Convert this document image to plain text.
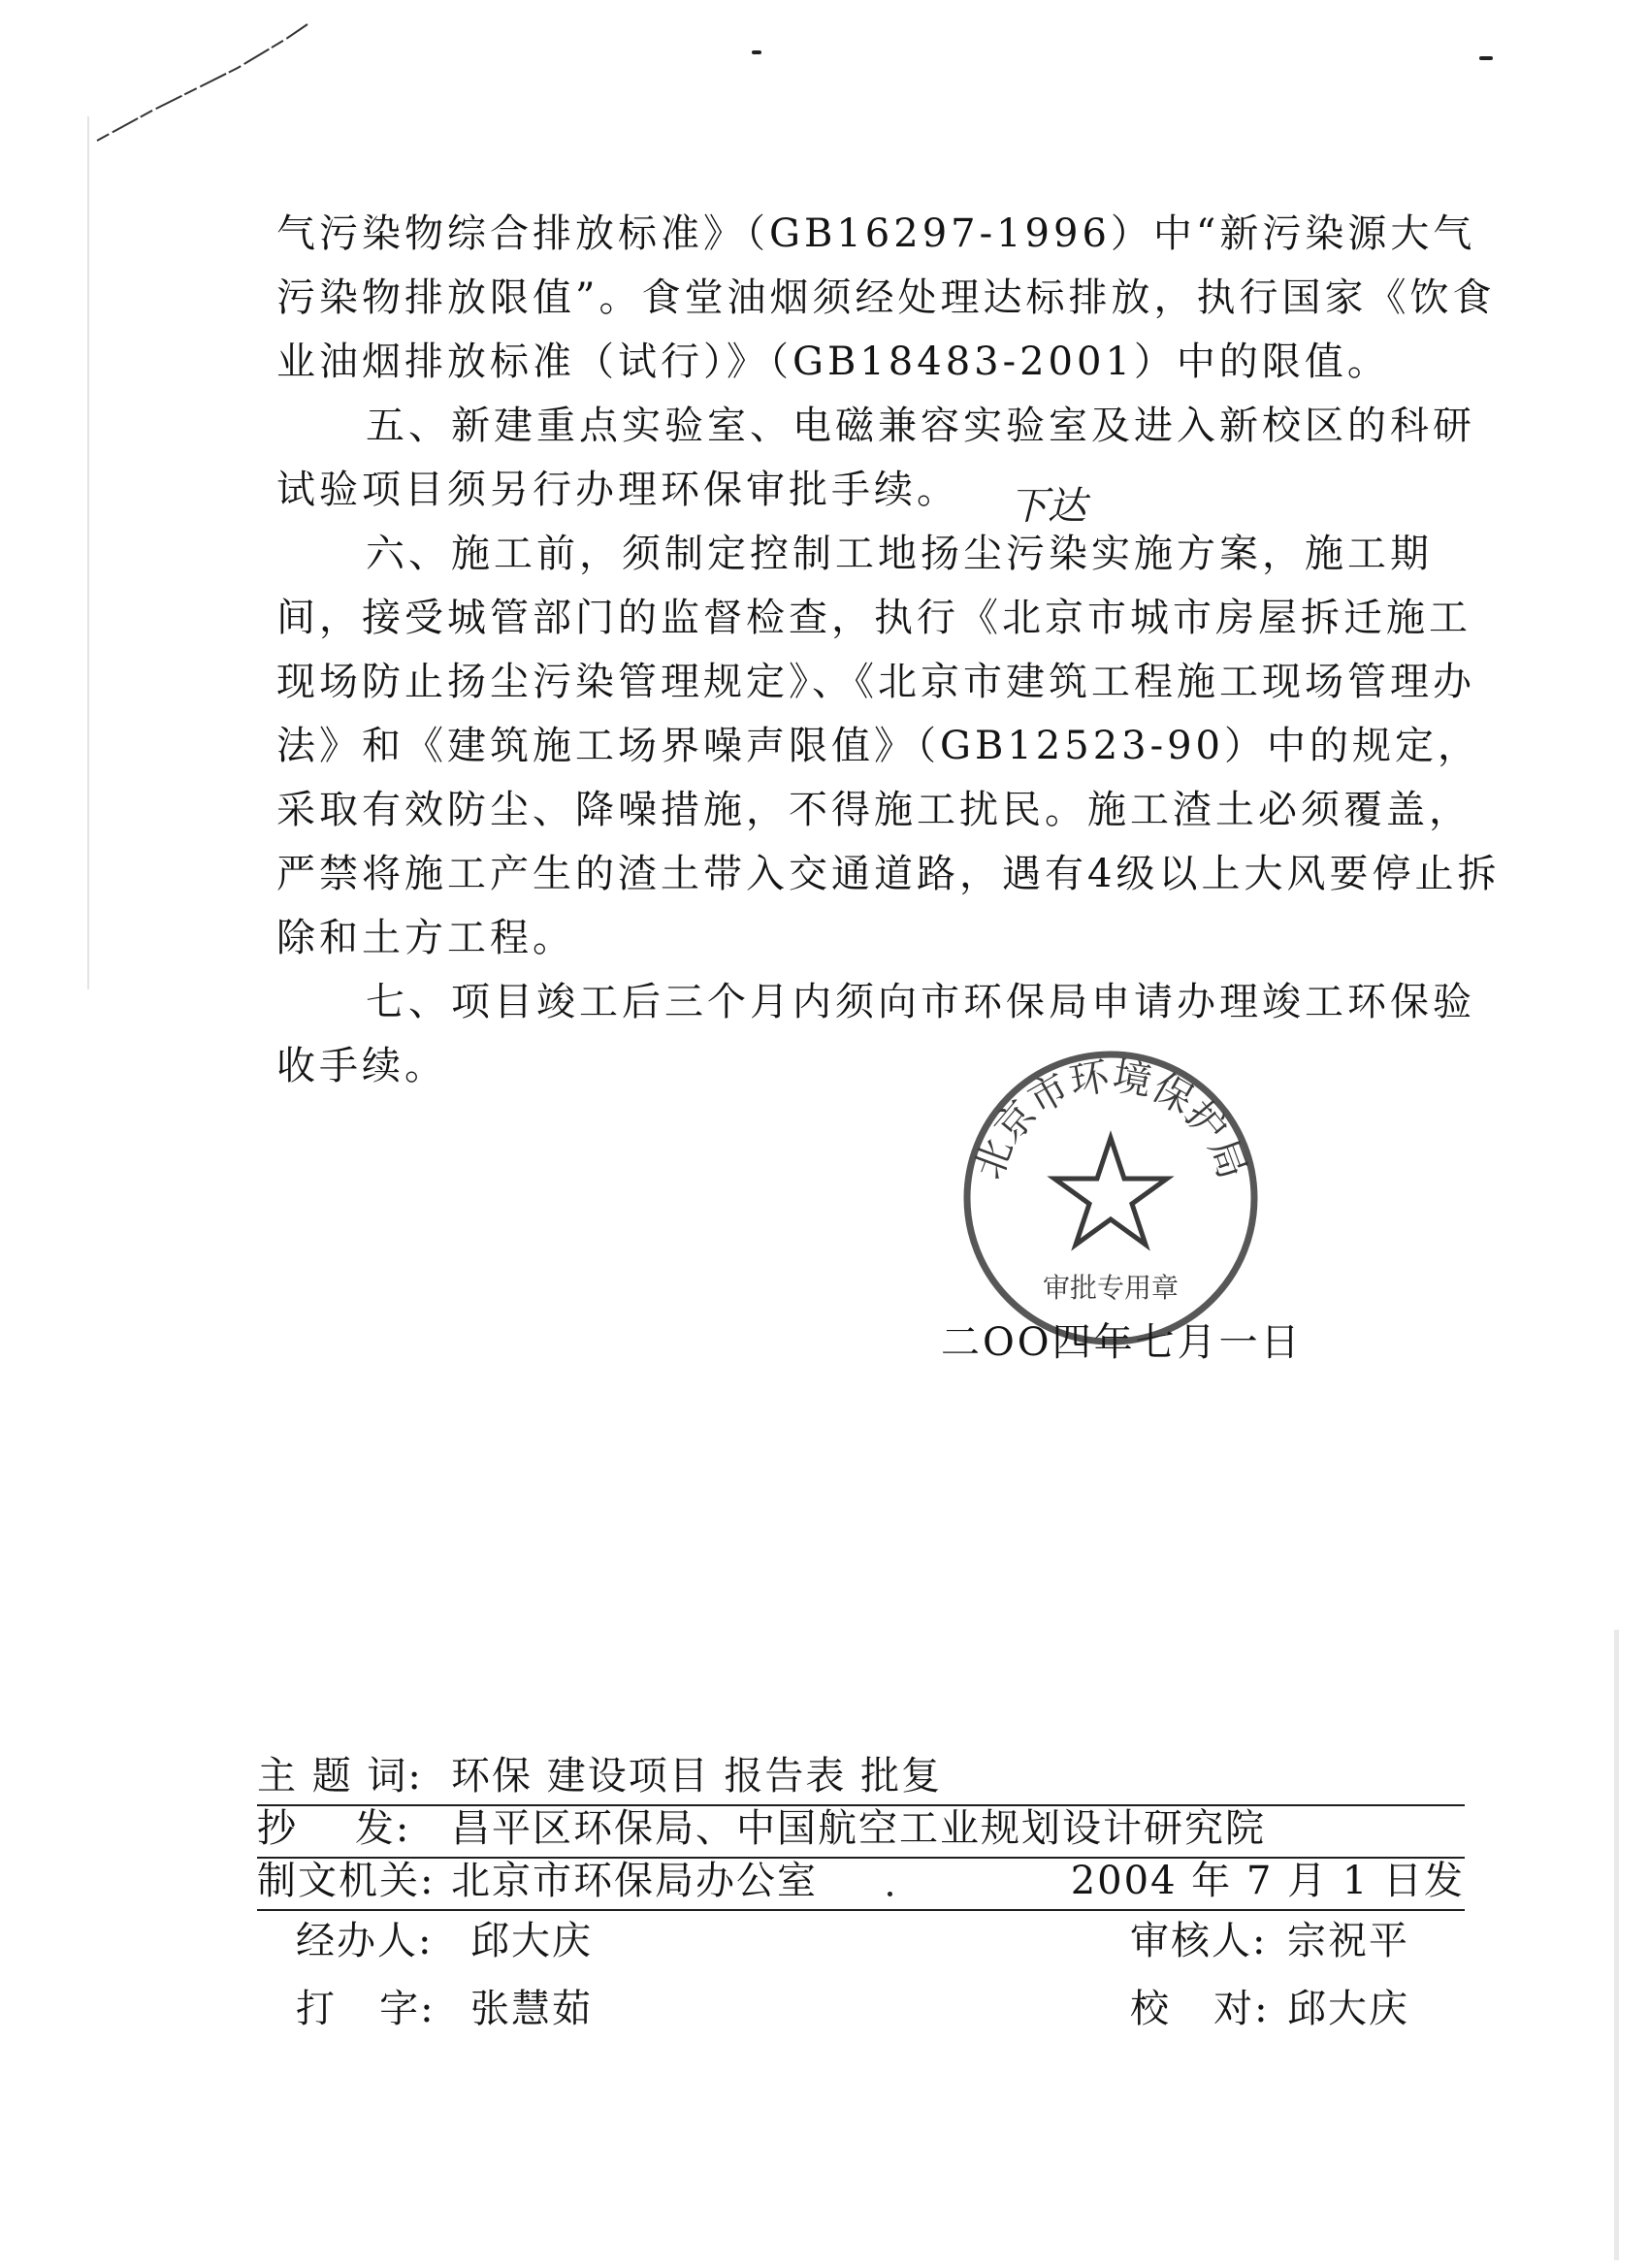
气污染物综合排放标准》（GB16297-1996）中“新污染源大气污染物排放限值”。食堂油烟须经处理达标排放，执行国家《饮食业油烟排放标准（试行）》（GB18483-2001）中的限值。

五、新建重点实验室、电磁兼容实验室及进入新校区的科研试验项目须另行办理环保审批手续。

六、施工前，须制定控制工地扬尘污染实施方案，施工期间，接受城管部门的监督检查，执行《北京市城市房屋拆迁施工现场防止扬尘污染管理规定》、《北京市建筑工程施工现场管理办法》和《建筑施工场界噪声限值》（GB12523-90）中的规定，采取有效防尘、降噪措施，不得施工扰民。施工渣土必须覆盖，严禁将施工产生的渣土带入交通道路，遇有4级以上大风要停止拆除和土方工程。

七、项目竣工后三个月内须向市环保局申请办理竣工环保验收手续。

下达
北京市环境保护局
审批专用章
二OO四年七月一日
主 题 词: 环保 建设项目 报告表 批复
抄    发: 昌平区环保局、中国航空工业规划设计研究院
制文机关: 北京市环保局办公室	2004 年 7 月 1 日发
经办人: 邱大庆	审核人: 宗祝平
打   字: 张慧茹	校   对: 邱大庆
